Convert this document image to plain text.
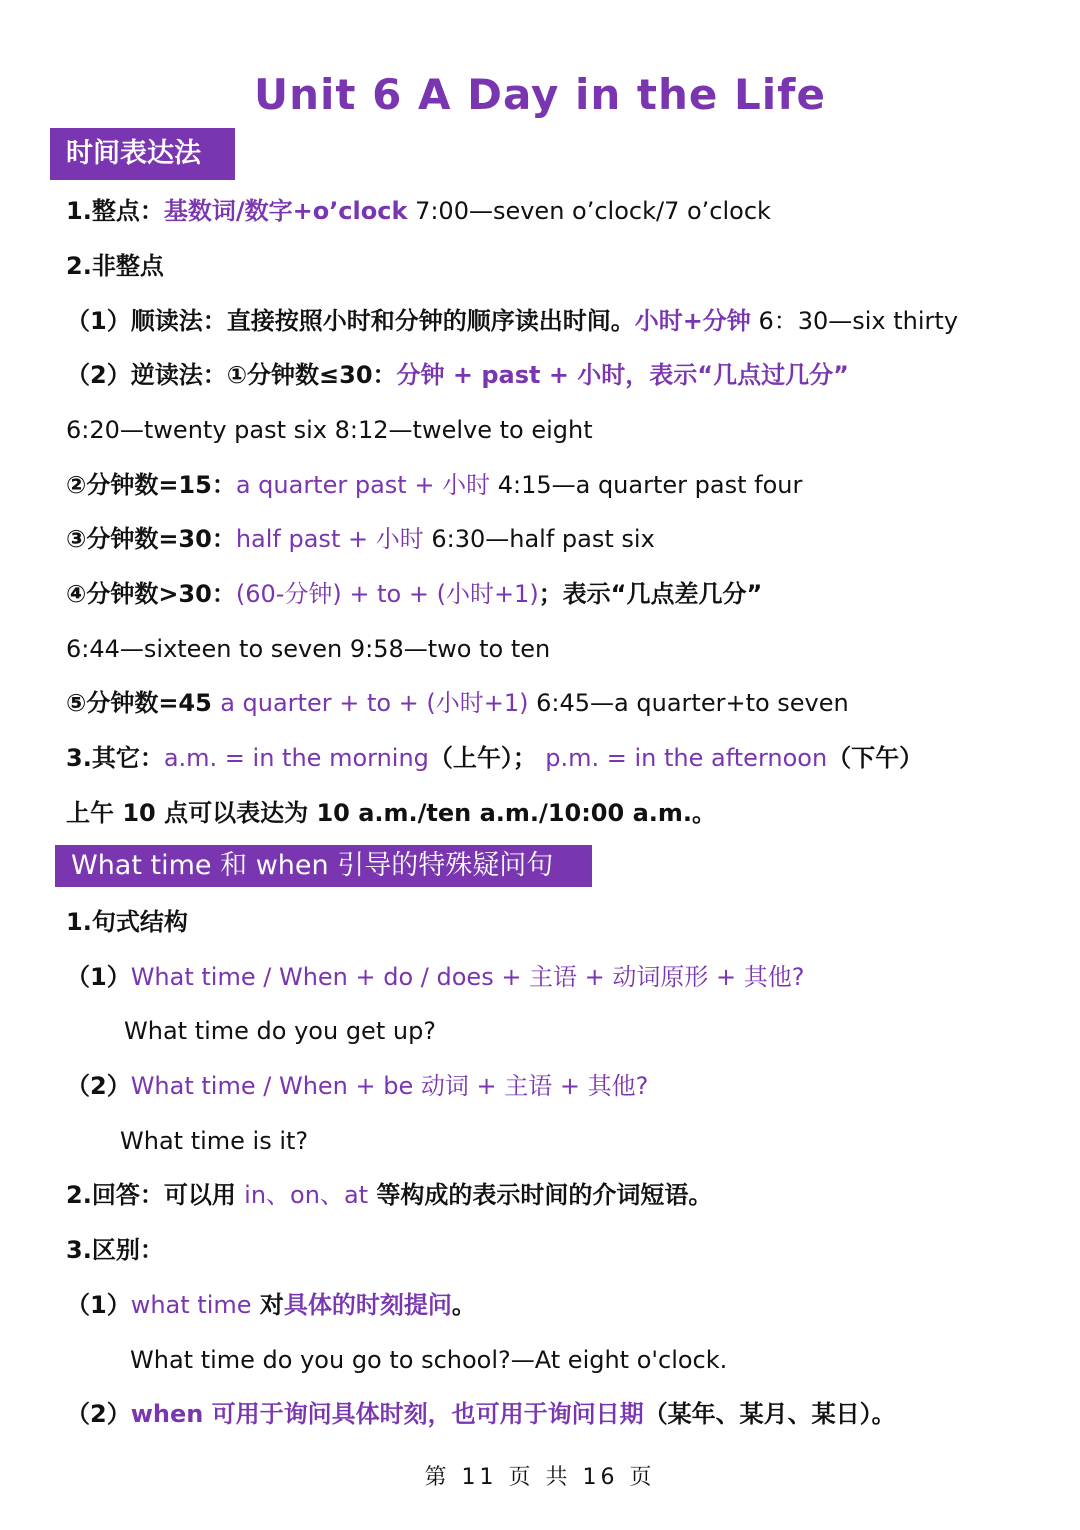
Unit 6 A Day in the Life
时间表达法
1.整点：基数词/数字+o’clock 7:00—seven o’clock/7 o’clock
2.非整点
（1）顺读法：直接按照小时和分钟的顺序读出时间。小时+分钟 6：30—six thirty
（2）逆读法：①分钟数≤30：分钟 + past + 小时，表示“几点过几分”
6:20—twenty past six 8:12—twelve to eight
②分钟数=15：a quarter past + 小时 4:15—a quarter past four
③分钟数=30：half past + 小时 6:30—half past six
④分钟数>30：(60-分钟) + to + (小时+1)；表示“几点差几分”
6:44—sixteen to seven 9:58—two to ten
⑤分钟数=45 a quarter + to + (小时+1) 6:45—a quarter+to seven
3.其它：a.m. = in the morning（上午）； p.m. = in the afternoon（下午）
上午 10 点可以表达为 10 a.m./ten a.m./10:00 a.m.。
What time 和 when 引导的特殊疑问句
1.句式结构
（1）What time / When + do / does + 主语 + 动词原形 + 其他?
What time do you get up?
（2）What time / When + be 动词 + 主语 + 其他?
What time is it?
2.回答：可以用 in、on、at 等构成的表示时间的介词短语。
3.区别：
（1）what time 对具体的时刻提问。
What time do you go to school?—At eight o'clock.
（2）when 可用于询问具体时刻，也可用于询问日期（某年、某月、某日）。
第 11 页 共 16 页
